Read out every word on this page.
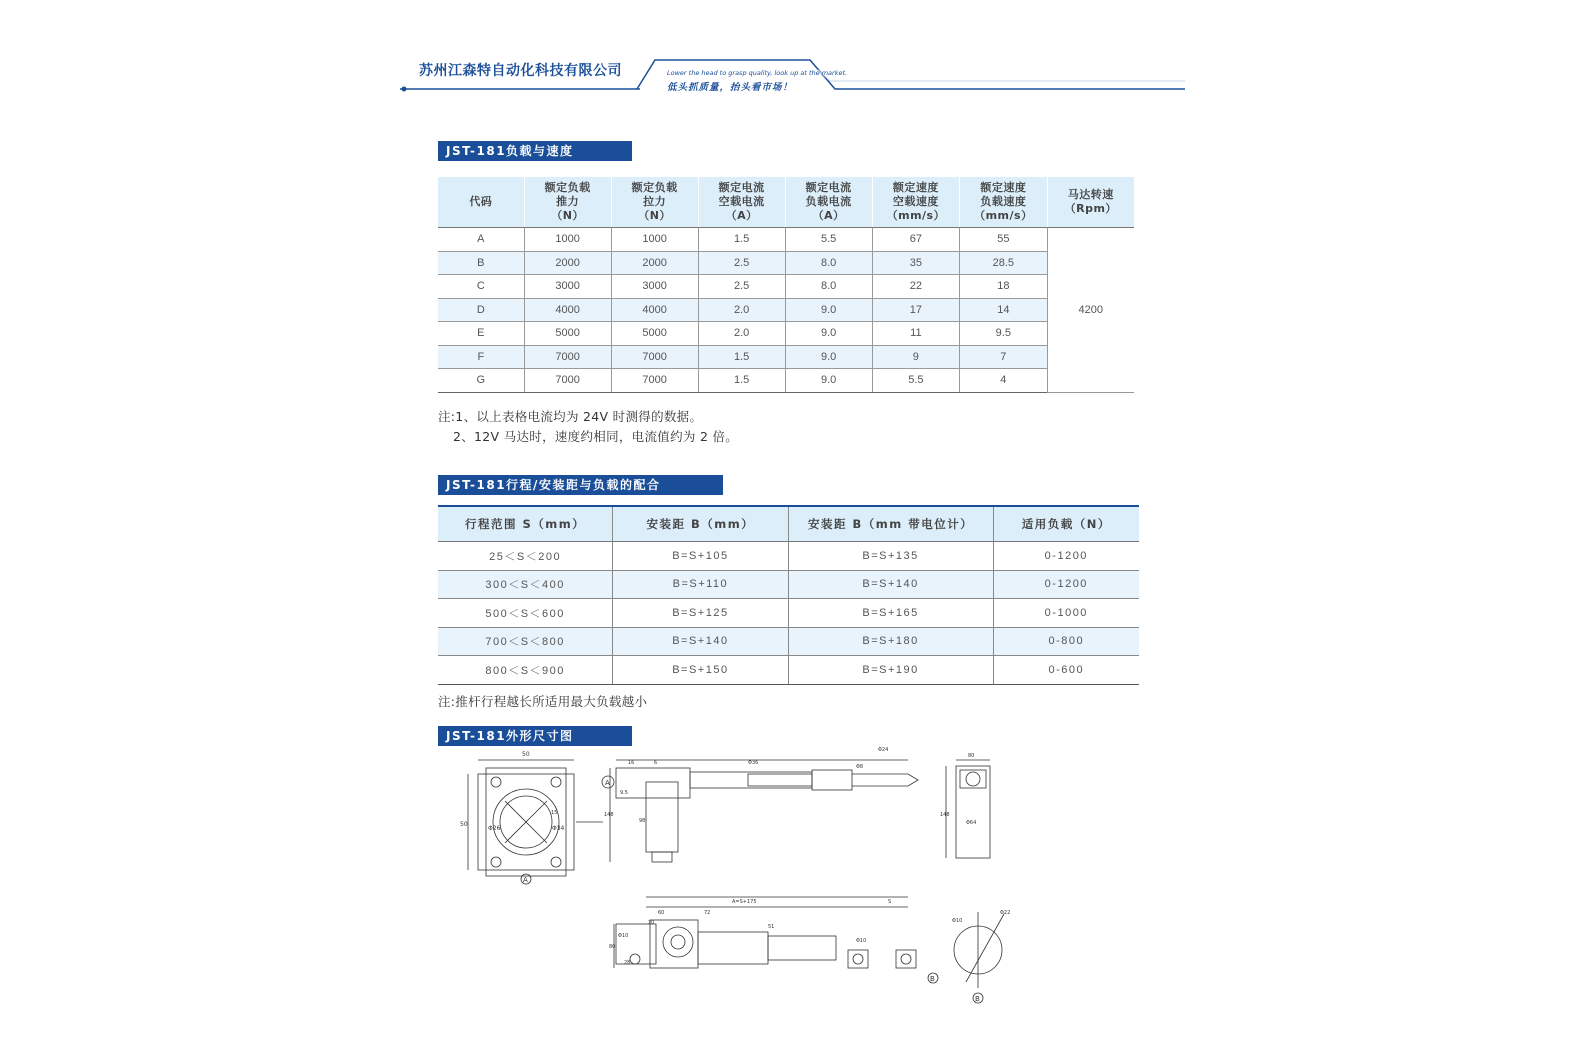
苏州江森特自动化科技有限公司	Lower the head to grasp quality, look up at the market.
低头抓质量，抬头看市场！
JST-181负载与速度
代码	额定负载
推力
（N）	额定负载
拉力
（N）	额定电流
空载电流
（A）	额定电流
负载电流
（A）	额定速度
空载速度
（mm/s）	额定速度
负载速度
（mm/s）	马达转速
（Rpm）
A	1000	1000	1.5	5.5	67	55	4200
B	2000	2000	2.5	8.0	35	28.5	
C	3000	3000	2.5	8.0	22	18	
D	4000	4000	2.0	9.0	17	14	
E	5000	5000	2.0	9.0	11	9.5	
F	7000	7000	1.5	9.0	9	7	
G	7000	7000	1.5	9.0	5.5	4	
注:1、以上表格电流均为 24V 时测得的数据。
2、12V 马达时，速度约相同，电流值约为 2 倍。
JST-181行程/安装距与负载的配合
行程范围 S（mm）	安装距 B（mm）	安装距 B（mm 带电位计）	适用负载（N）
25＜S＜200	B=S+105	B=S+135	0-1200
300＜S＜400	B=S+110	B=S+140	0-1200
500＜S＜600	B=S+125	B=S+165	0-1000
700＜S＜800	B=S+140	B=S+180	0-800
800＜S＜900	B=S+150	B=S+190	0-600
注:推杆行程越长所适用最大负载越小
JST-181外形尺寸图
50
50
Φ26	Φ34
15
A
A
16	6	Φ36
Φ24
Φ8
9.5
148
98
80
148
Φ64
A=S+175	S
60	72
20
51
Φ10
Φ10
80
28
B
Φ10
Φ22
B
